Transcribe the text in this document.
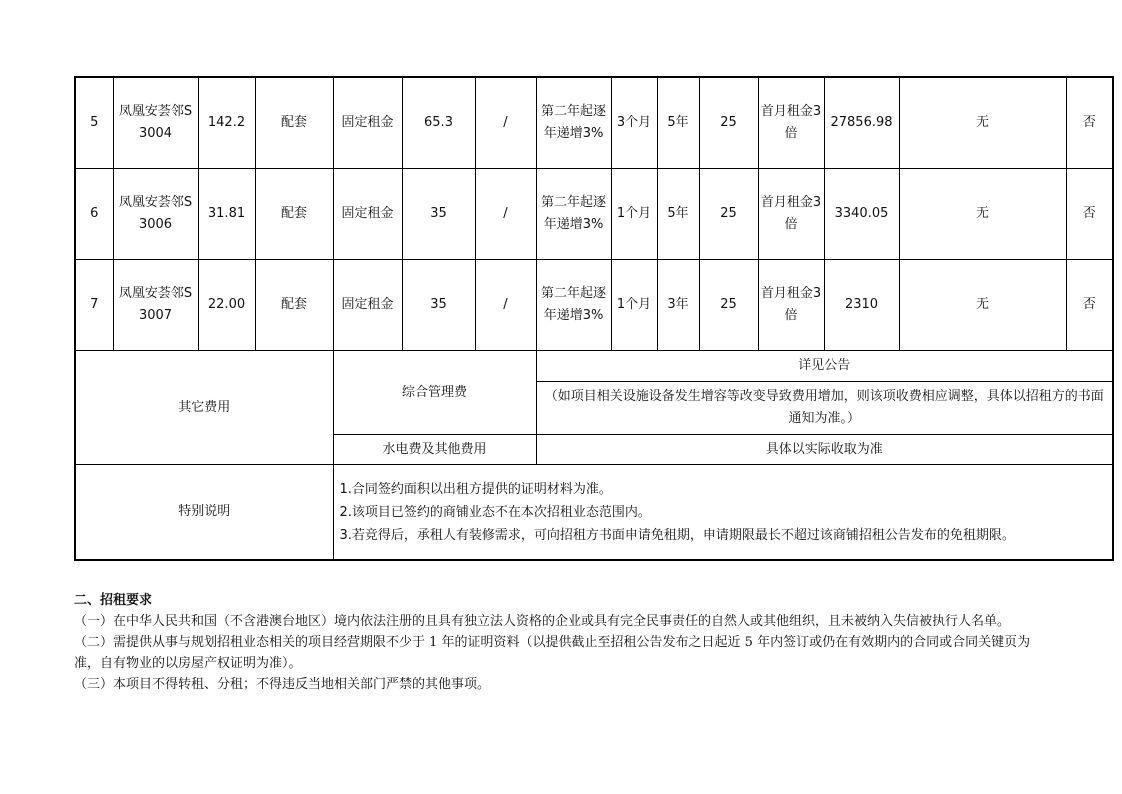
5	凤凰安荟邻S3004	142.2	配套	固定租金	65.3	/	第二年起逐年递增3%	3个月	5年	25	首月租金3倍	27856.98	无	否
6	凤凰安荟邻S3006	31.81	配套	固定租金	35	/	第二年起逐年递增3%	1个月	5年	25	首月租金3倍	3340.05	无	否
7	凤凰安荟邻S3007	22.00	配套	固定租金	35	/	第二年起逐年递增3%	1个月	3年	25	首月租金3倍	2310	无	否
其它费用				综合管理费			详见公告							
							（如项目相关设施设备发生增容等改变导致费用增加，则该项收费相应调整，具体以招租方的书面通知为准。）							
				水电费及其他费用			具体以实际收取为准							
特别说明				1.合同签约面积以出租方提供的证明材料为准。
2.该项目已签约的商铺业态不在本次招租业态范围内。
3.若竞得后，承租人有装修需求，可向招租方书面申请免租期，申请期限最长不超过该商铺招租公告发布的免租期限。										

二、招租要求

（一）在中华人民共和国（不含港澳台地区）境内依法注册的且具有独立法人资格的企业或具有完全民事责任的自然人或其他组织，且未被纳入失信被执行人名单。

（二）需提供从事与规划招租业态相关的项目经营期限不少于 1 年的证明资料（以提供截止至招租公告发布之日起近 5 年内签订或仍在有效期内的合同或合同关键页为准，自有物业的以房屋产权证明为准）。

（三）本项目不得转租、分租；不得违反当地相关部门严禁的其他事项。
